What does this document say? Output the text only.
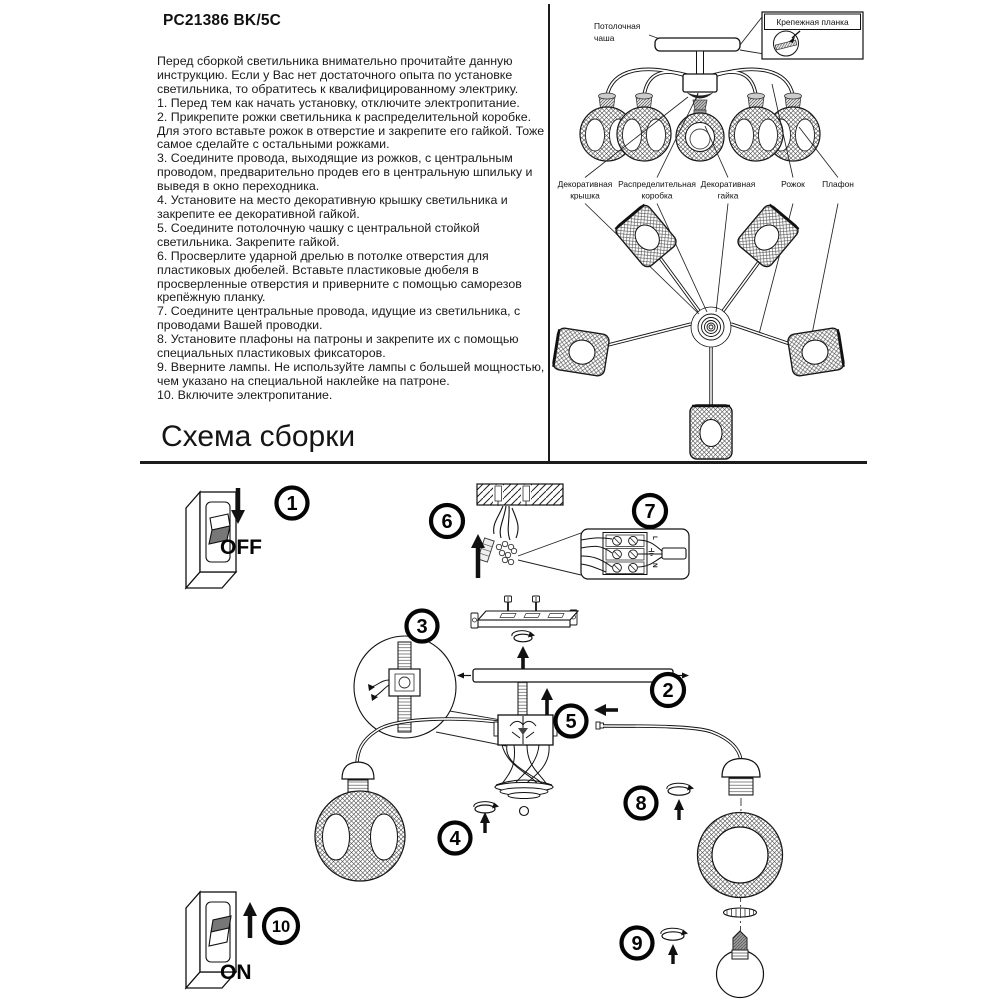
PC21386 BK/5C

Перед сборкой светильника внимательно прочитайте данную инструкцию. Если у Вас нет достаточного опыта по установке светильника, то обратитесь к квалифицированному электрику.

1. Перед тем как начать установку, отключите электропитание.

2. Прикрепите рожки светильника к распределительной коробке. Для этого вставьте рожок в отверстие и закрепите его гайкой. Тоже самое сделайте с остальными рожками.

3. Соедините провода, выходящие из рожков, с центральным проводом, предварительно продев его в центральную шпильку и выведя в окно переходника.

4. Установите на место декоративную крышку светильника и закрепите ее декоративной гайкой.

5. Соедините потолочную чашку с центральной стойкой светильника. Закрепите гайкой.

6. Просверлите ударной дрелью в потолке отверстия для пластиковых дюбелей. Вставьте пластиковые дюбеля в просверленные отверстия и приверните с помощью саморезов крепёжную планку.

7. Соедините центральные провода, идущие из светильника, с проводами Вашей проводки.

8. Установите плафоны на патроны и закрепите их с помощью специальных пластиковых фиксаторов.

9. Вверните лампы. Не используйте лампы с большей мощностью, чем указано на специальной наклейке на патроне.

10. Включите электропитание.

Схема сборки
Потолочная
чаша
Крепежная планка
Декоративная
крышка
Распределительная
коробка
Декоративная
гайка
Рожок Плафон
OFF
1
6
L
N
7
3
2
5
4
8
9
ON
10
